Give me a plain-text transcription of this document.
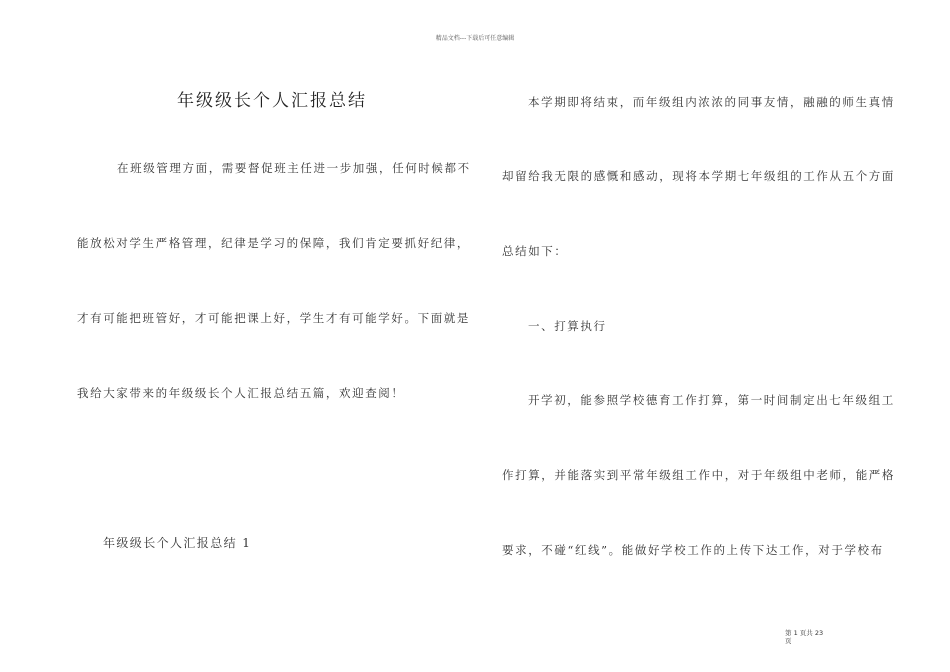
精品文档---下载后可任意编辑
年级级长个人汇报总结
在班级管理方面，需要督促班主任进一步加强，任何时候都不
能放松对学生严格管理，纪律是学习的保障，我们肯定要抓好纪律，
才有可能把班管好，才可能把课上好，学生才有可能学好。下面就是
我给大家带来的年级级长个人汇报总结五篇，欢迎查阅！
年级级长个人汇报总结 1
本学期即将结束，而年级组内浓浓的同事友情，融融的师生真情
却留给我无限的感慨和感动，现将本学期七年级组的工作从五个方面
总结如下：
一、打算执行
开学初，能参照学校德育工作打算，第一时间制定出七年级组工
作打算，并能落实到平常年级组工作中，对于年级组中老师，能严格
要求，不碰“红线”。能做好学校工作的上传下达工作，对于学校布
第 1 页共 23
页
